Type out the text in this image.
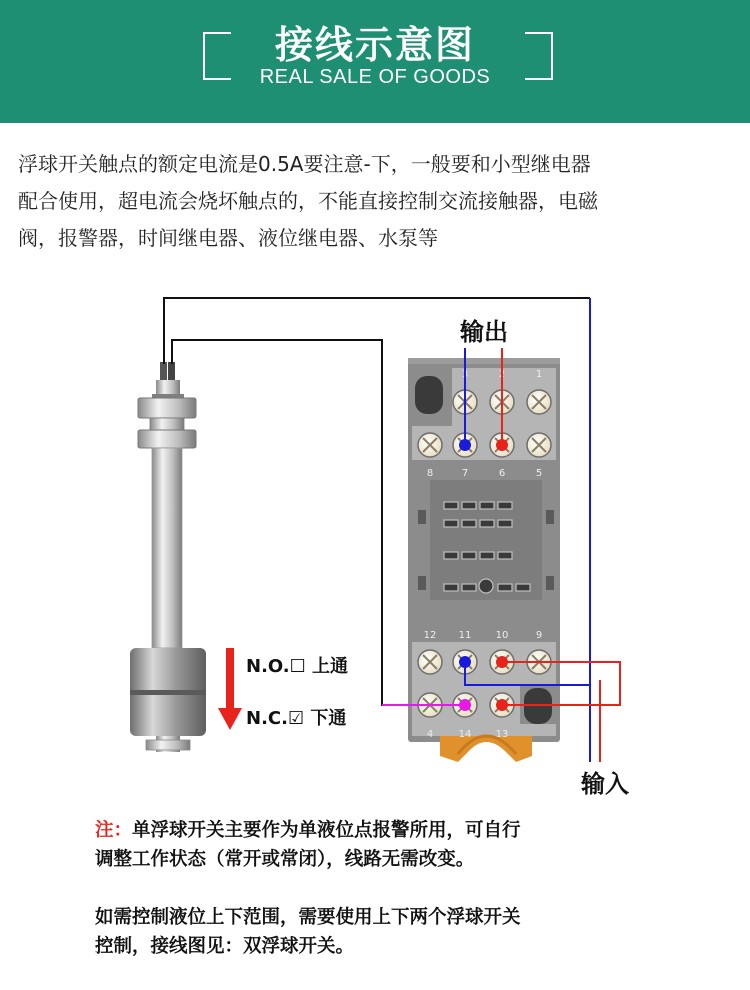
接线示意图
REAL SALE OF GOODS
浮球开关触点的额定电流是0.5A要注意-下，一般要和小型继电器
配合使用，超电流会烧坏触点的，不能直接控制交流接触器，电磁
阀，报警器，时间继电器、液位继电器、水泵等
3	2	1
8	7	6	5
12 11 10	9
4	14 13
输出
输入
N.O.☐ 上通
N.C.☑ 下通

注：单浮球开关主要作为单液位点报警所用，可自行

调整工作状态（常开或常闭），线路无需改变。

如需控制液位上下范围，需要使用上下两个浮球开关

控制，接线图见：双浮球开关。
